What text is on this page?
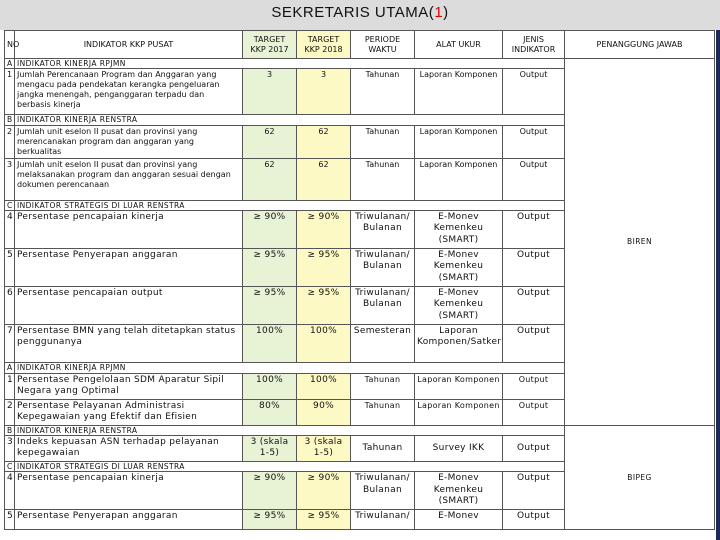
SEKRETARIS UTAMA(1)
NO	INDIKATOR KKP PUSAT	TARGET KKP 2017	TARGET KKP 2018	PERIODE WAKTU	ALAT UKUR	JENIS INDIKATOR	PENANGGUNG JAWAB
A	INDIKATOR KINERJA RPJMN						BIREN
1	Jumlah Perencanaan Program dan Anggaran yang mengacu pada pendekatan kerangka pengeluaran jangka menengah, penganggaran terpadu dan berbasis kinerja	3	3	Tahunan	Laporan Komponen	Output	
B	INDIKATOR KINERJA RENSTRA						
2	Jumlah unit eselon II pusat dan provinsi yang merencanakan program dan anggaran yang berkualitas	62	62	Tahunan	Laporan Komponen	Output	
3	Jumlah unit eselon II pusat dan provinsi yang melaksanakan program dan anggaran sesuai dengan dokumen perencanaan	62	62	Tahunan	Laporan Komponen	Output	
C	INDIKATOR STRATEGIS DI LUAR RENSTRA						
4	Persentase pencapaian kinerja	≥ 90%	≥ 90%	Triwulanan/ Bulanan	E-Monev Kemenkeu (SMART)	Output	
5	Persentase Penyerapan anggaran	≥ 95%	≥ 95%	Triwulanan/ Bulanan	E-Monev Kemenkeu (SMART)	Output	
6	Persentase pencapaian output	≥ 95%	≥ 95%	Triwulanan/ Bulanan	E-Monev Kemenkeu (SMART)	Output	
7	Persentase BMN yang telah ditetapkan status penggunanya	100%	100%	Semesteran	Laporan Komponen/Satker	Output	
A	INDIKATOR KINERJA RPJMN						
1	Persentase Pengelolaan SDM Aparatur Sipil Negara yang Optimal	100%	100%	Tahunan	Laporan Komponen	Output	
2	Persentase Pelayanan Administrasi Kepegawaian yang Efektif dan Efisien	80%	90%	Tahunan	Laporan Komponen	Output	
B	INDIKATOR KINERJA RENSTRA						BIPEG
3	Indeks kepuasan ASN terhadap pelayanan kepegawaian	3 (skala 1-5)	3 (skala 1-5)	Tahunan	Survey IKK	Output	
C	INDIKATOR STRATEGIS DI LUAR RENSTRA						
4	Persentase pencapaian kinerja	≥ 90%	≥ 90%	Triwulanan/ Bulanan	E-Monev Kemenkeu (SMART)	Output	
5	Persentase Penyerapan anggaran	≥ 95%	≥ 95%	Triwulanan/	E-Monev	Output	
